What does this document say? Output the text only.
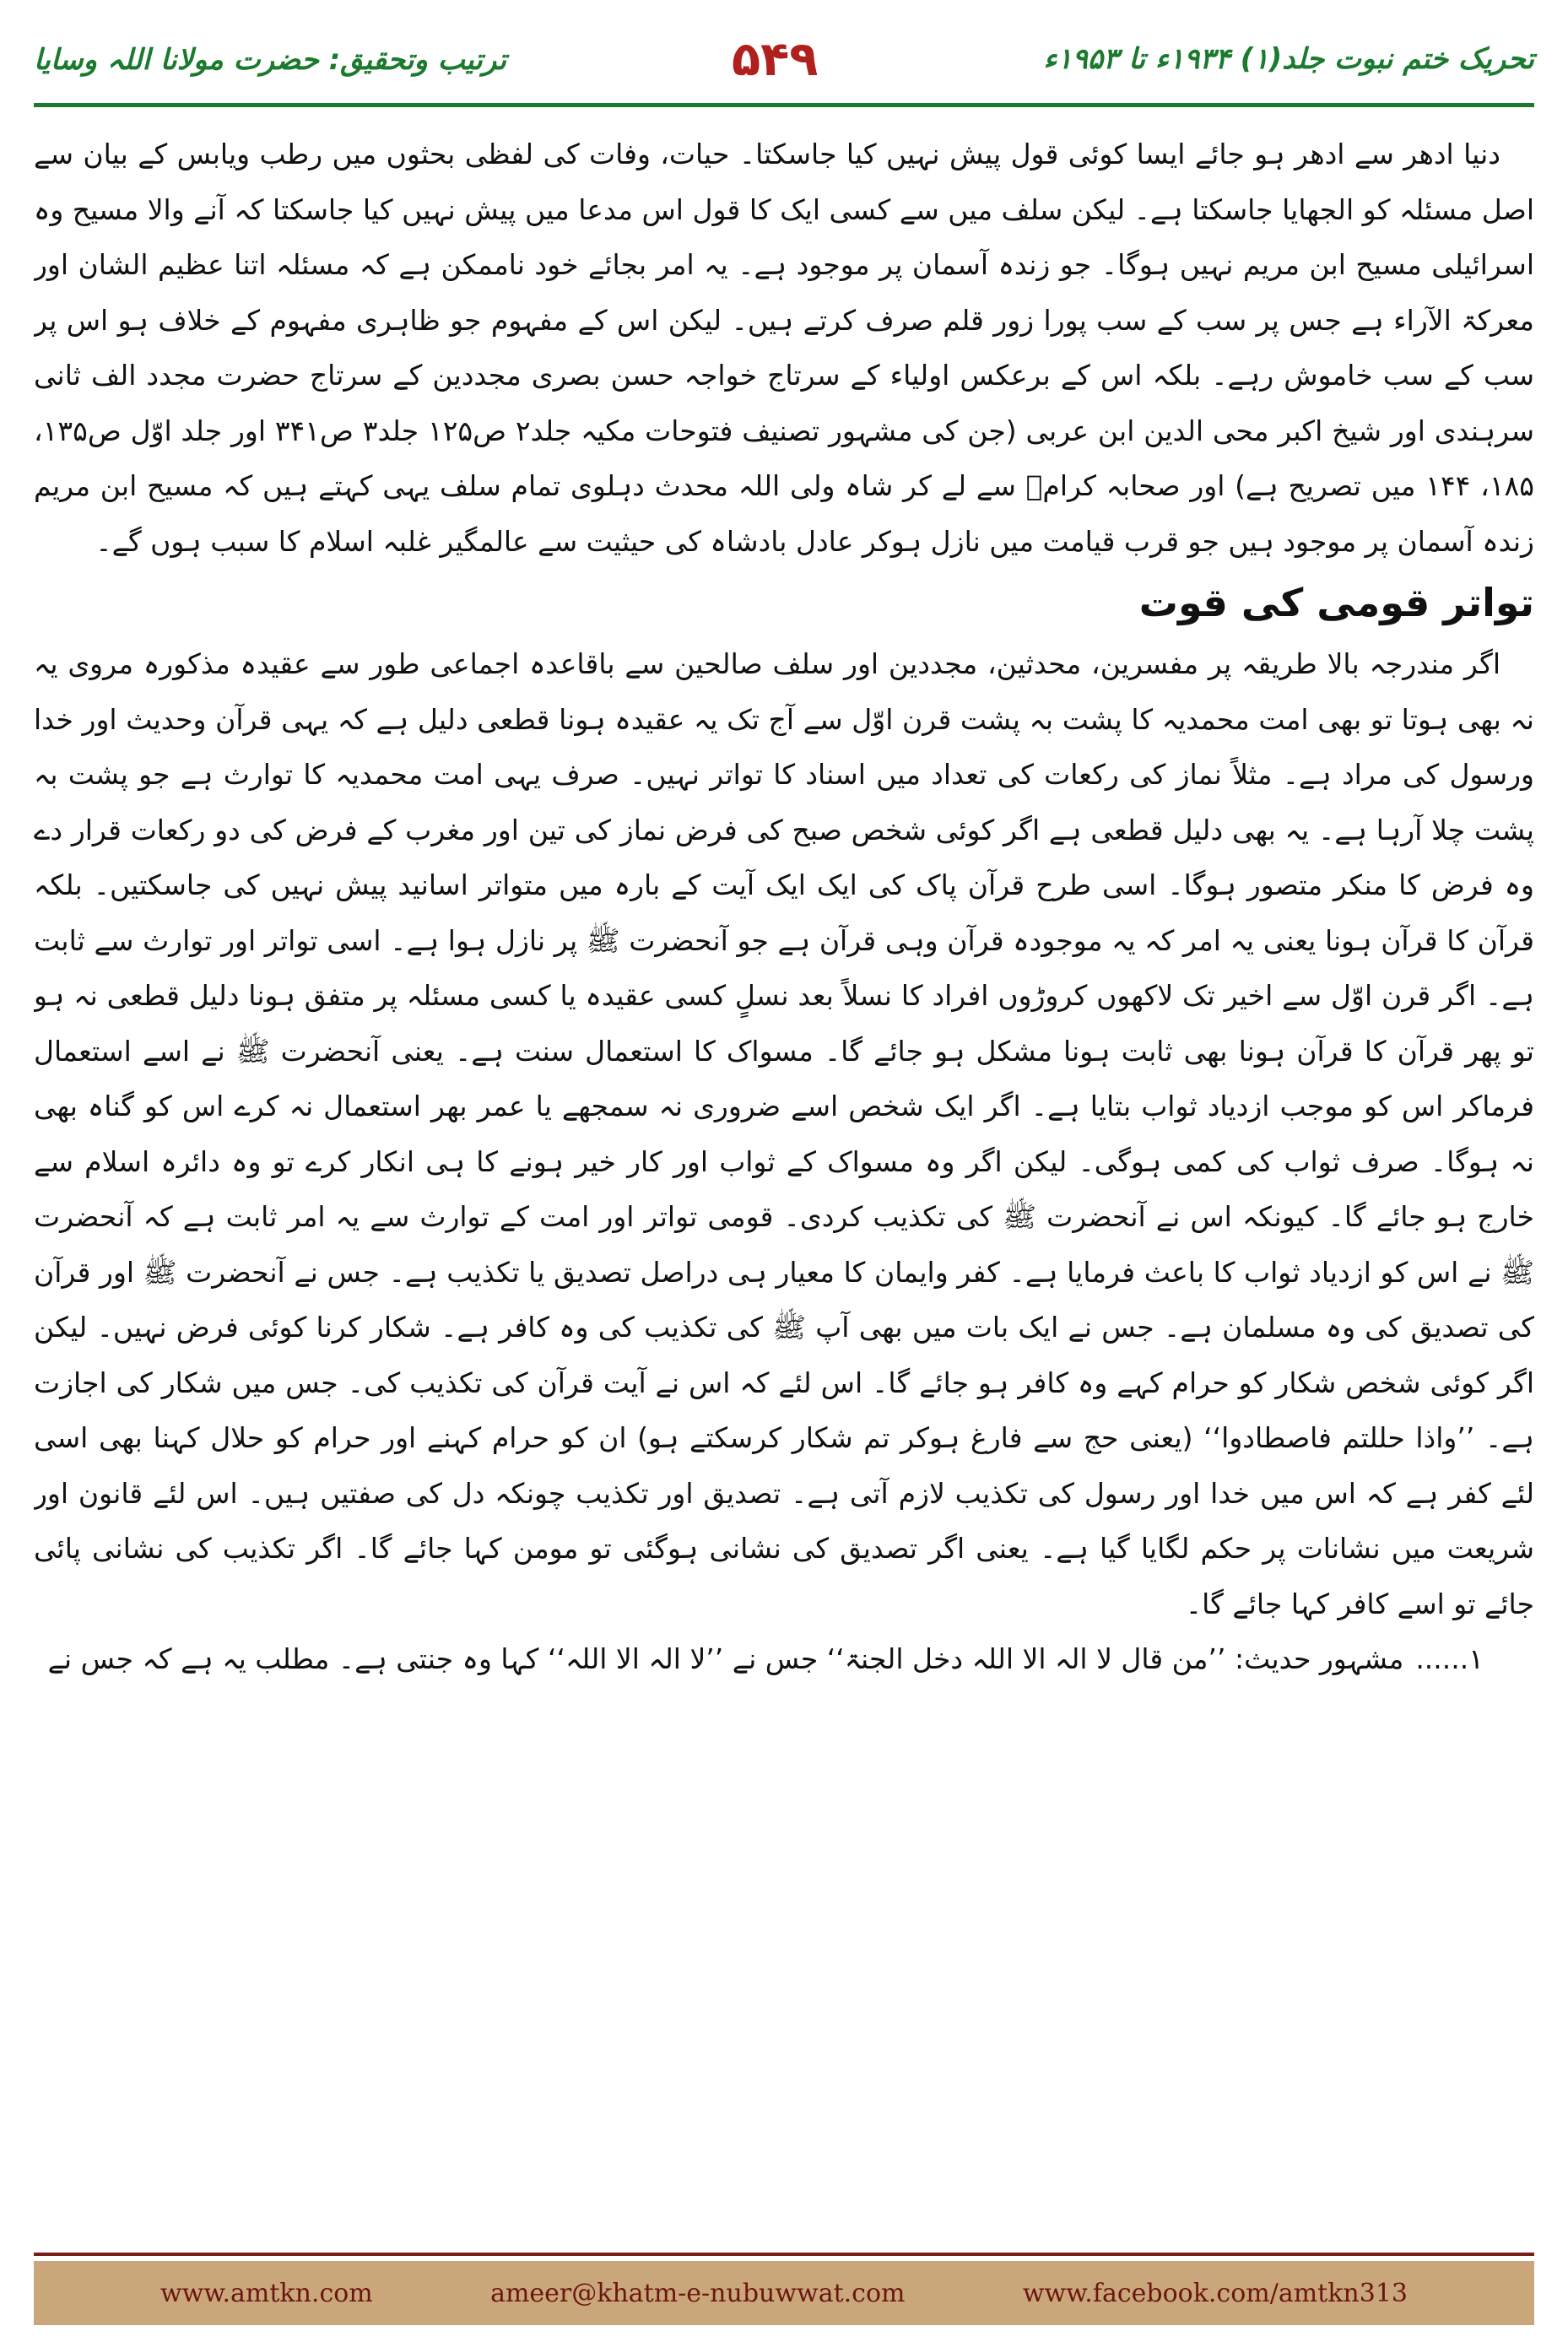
تحریک ختم نبوت جلد(۱) ۱۹۳۴ء تا ۱۹۵۳ء
۵۴۹
ترتیب وتحقیق: حضرت مولانا اللہ وسایا

دنیا ادھر سے ادھر ہو جائے ایسا کوئی قول پیش نہیں کیا جاسکتا۔ حیات، وفات کی لفظی بحثوں میں رطب ویابس کے بیان سے اصل مسئلہ کو الجھایا جاسکتا ہے۔ لیکن سلف میں سے کسی ایک کا قول اس مدعا میں پیش نہیں کیا جاسکتا کہ آنے والا مسیح وہ اسرائیلی مسیح ابن مریم نہیں ہوگا۔ جو زندہ آسمان پر موجود ہے۔ یہ امر بجائے خود ناممکن ہے کہ مسئلہ اتنا عظیم الشان اور معرکۃ الآراء ہے جس پر سب کے سب پورا زور قلم صرف کرتے ہیں۔ لیکن اس کے مفہوم جو ظاہری مفہوم کے خلاف ہو اس پر سب کے سب خاموش رہے۔ بلکہ اس کے برعکس اولیاء کے سرتاج خواجہ حسن بصری مجددین کے سرتاج حضرت مجدد الف ثانی سرہندی اور شیخ اکبر محی الدین ابن عربی (جن کی مشہور تصنیف فتوحات مکیہ جلد۲ ص۱۲۵ جلد۳ ص۳۴۱ اور جلد اوّل ص۱۳۵، ۱۸۵، ۱۴۴ میں تصریح ہے) اور صحابہ کرامؓ سے لے کر شاہ ولی اللہ محدث دہلوی تمام سلف یہی کہتے ہیں کہ مسیح ابن مریم زندہ آسمان پر موجود ہیں جو قرب قیامت میں نازل ہوکر عادل بادشاہ کی حیثیت سے عالمگیر غلبہ اسلام کا سبب ہوں گے۔

تواتر قومی کی قوت

اگر مندرجہ بالا طریقہ پر مفسرین، محدثین، مجددین اور سلف صالحین سے باقاعدہ اجماعی طور سے عقیدہ مذکورہ مروی یہ نہ بھی ہوتا تو بھی امت محمدیہ کا پشت بہ پشت قرن اوّل سے آج تک یہ عقیدہ ہونا قطعی دلیل ہے کہ یہی قرآن وحدیث اور خدا ورسول کی مراد ہے۔ مثلاً نماز کی رکعات کی تعداد میں اسناد کا تواتر نہیں۔ صرف یہی امت محمدیہ کا توارث ہے جو پشت بہ پشت چلا آرہا ہے۔ یہ بھی دلیل قطعی ہے اگر کوئی شخص صبح کی فرض نماز کی تین اور مغرب کے فرض کی دو رکعات قرار دے وہ فرض کا منکر متصور ہوگا۔ اسی طرح قرآن پاک کی ایک ایک آیت کے بارہ میں متواتر اسانید پیش نہیں کی جاسکتیں۔ بلکہ قرآن کا قرآن ہونا یعنی یہ امر کہ یہ موجودہ قرآن وہی قرآن ہے جو آنحضرت ﷺ پر نازل ہوا ہے۔ اسی تواتر اور توارث سے ثابت ہے۔ اگر قرن اوّل سے اخیر تک لاکھوں کروڑوں افراد کا نسلاً بعد نسلٍ کسی عقیدہ یا کسی مسئلہ پر متفق ہونا دلیل قطعی نہ ہو تو پھر قرآن کا قرآن ہونا بھی ثابت ہونا مشکل ہو جائے گا۔ مسواک کا استعمال سنت ہے۔ یعنی آنحضرت ﷺ نے اسے استعمال فرماکر اس کو موجب ازدیاد ثواب بتایا ہے۔ اگر ایک شخص اسے ضروری نہ سمجھے یا عمر بھر استعمال نہ کرے اس کو گناہ بھی نہ ہوگا۔ صرف ثواب کی کمی ہوگی۔ لیکن اگر وہ مسواک کے ثواب اور کار خیر ہونے کا ہی انکار کرے تو وہ دائرہ اسلام سے خارج ہو جائے گا۔ کیونکہ اس نے آنحضرت ﷺ کی تکذیب کردی۔ قومی تواتر اور امت کے توارث سے یہ امر ثابت ہے کہ آنحضرت ﷺ نے اس کو ازدیاد ثواب کا باعث فرمایا ہے۔ کفر وایمان کا معیار ہی دراصل تصدیق یا تکذیب ہے۔ جس نے آنحضرت ﷺ اور قرآن کی تصدیق کی وہ مسلمان ہے۔ جس نے ایک بات میں بھی آپ ﷺ کی تکذیب کی وہ کافر ہے۔ شکار کرنا کوئی فرض نہیں۔ لیکن اگر کوئی شخص شکار کو حرام کہے وہ کافر ہو جائے گا۔ اس لئے کہ اس نے آیت قرآن کی تکذیب کی۔ جس میں شکار کی اجازت ہے۔ ’’واذا حللتم فاصطادوا‘‘ (یعنی حج سے فارغ ہوکر تم شکار کرسکتے ہو) ان کو حرام کہنے اور حرام کو حلال کہنا بھی اسی لئے کفر ہے کہ اس میں خدا اور رسول کی تکذیب لازم آتی ہے۔ تصدیق اور تکذیب چونکہ دل کی صفتیں ہیں۔ اس لئے قانون اور شریعت میں نشانات پر حکم لگایا گیا ہے۔ یعنی اگر تصدیق کی نشانی ہوگئی تو مومن کہا جائے گا۔ اگر تکذیب کی نشانی پائی جائے تو اسے کافر کہا جائے گا۔

۱......مشہور حدیث: ’’من قال لا الہ الا اللہ دخل الجنۃ‘‘ جس نے ’’لا الہ الا اللہ‘‘ کہا وہ جنتی ہے۔ مطلب یہ ہے کہ جس نے

www.amtkn.com	ameer@khatm-e-nubuwwat.com	www.facebook.com/amtkn313
